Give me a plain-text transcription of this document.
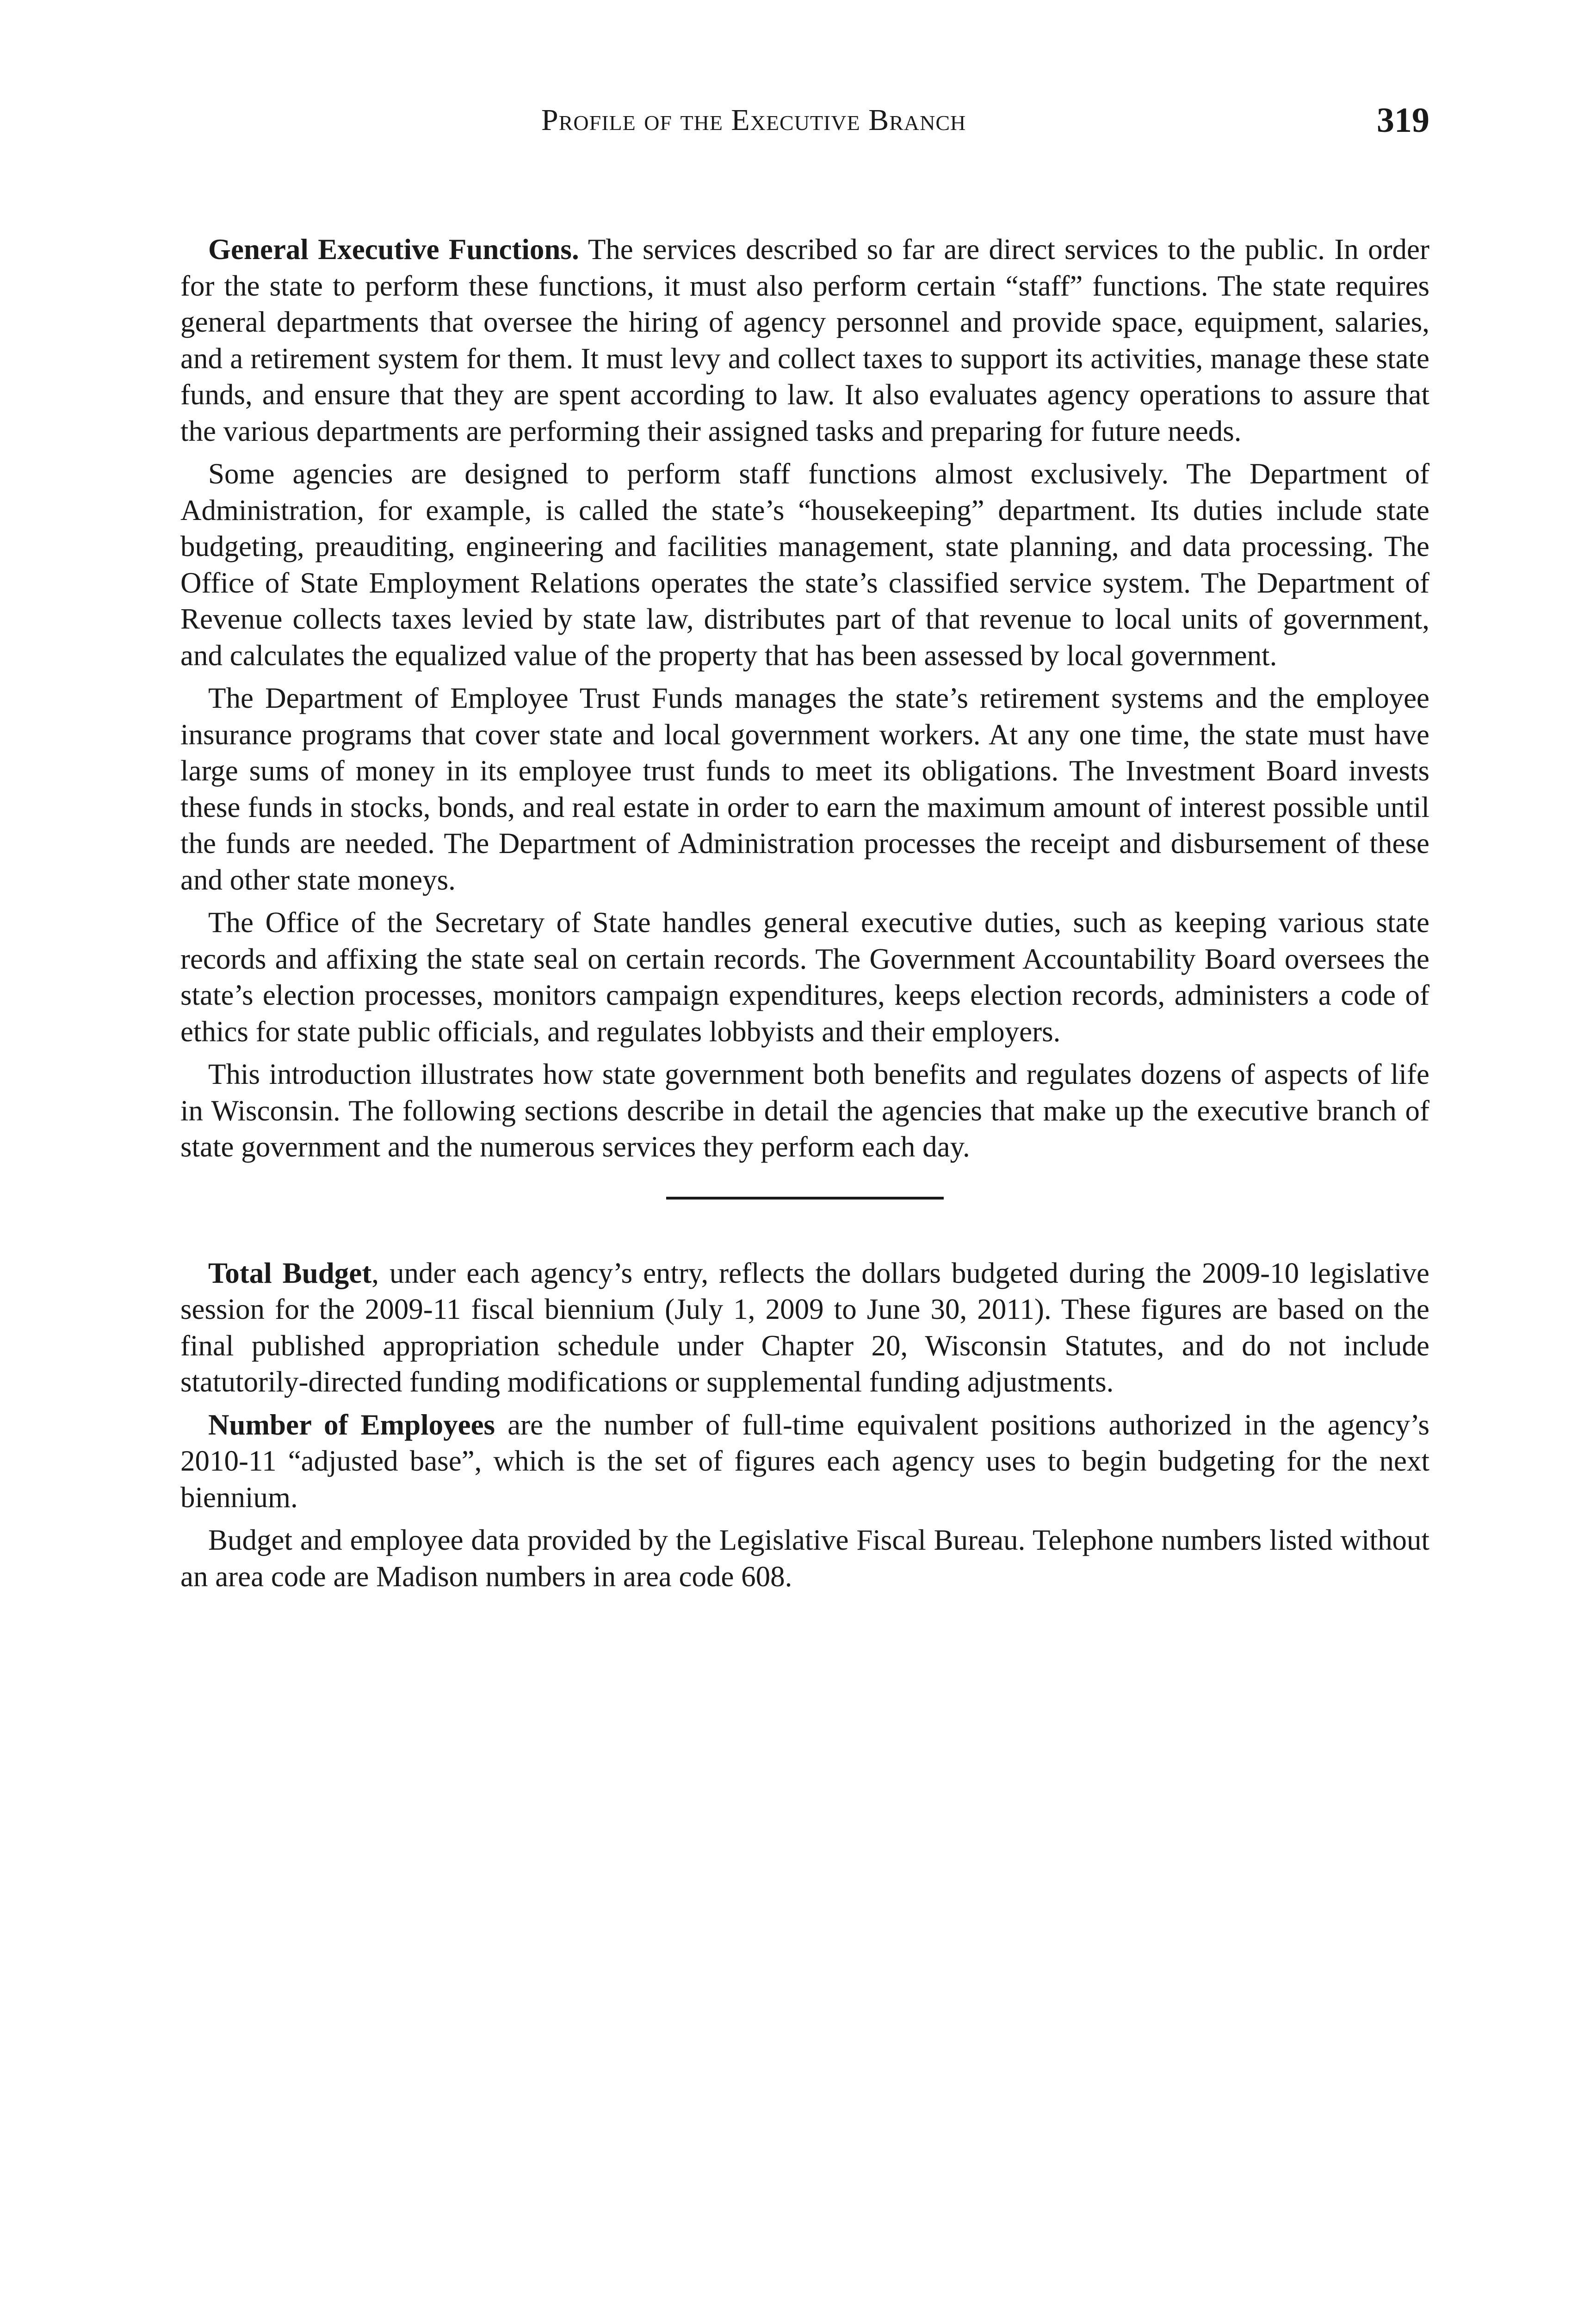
Profile of the Executive Branch	319

General Executive Functions. The services described so far are direct services to the public. In order for the state to perform these functions, it must also perform certain “staff” functions. The state requires general departments that oversee the hiring of agency personnel and provide space, equipment, salaries, and a retirement system for them. It must levy and collect taxes to support its activities, manage these state funds, and ensure that they are spent according to law. It also evaluates agency operations to assure that the various departments are performing their assigned tasks and preparing for future needs.

Some agencies are designed to perform staff functions almost exclusively. The Department of Administration, for example, is called the state’s “housekeeping” department. Its duties include state budgeting, preauditing, engineering and facilities management, state planning, and data processing. The Office of State Employment Relations operates the state’s classified service system. The Department of Revenue collects taxes levied by state law, distributes part of that revenue to local units of government, and calculates the equalized value of the property that has been assessed by local government.

The Department of Employee Trust Funds manages the state’s retirement systems and the employee insurance programs that cover state and local government workers. At any one time, the state must have large sums of money in its employee trust funds to meet its obligations. The Investment Board invests these funds in stocks, bonds, and real estate in order to earn the maximum amount of interest possible until the funds are needed. The Department of Administration processes the receipt and disbursement of these and other state moneys.

The Office of the Secretary of State handles general executive duties, such as keeping various state records and affixing the state seal on certain records. The Government Accountability Board oversees the state’s election processes, monitors campaign expenditures, keeps election records, administers a code of ethics for state public officials, and regulates lobbyists and their employers.

This introduction illustrates how state government both benefits and regulates dozens of aspects of life in Wisconsin. The following sections describe in detail the agencies that make up the executive branch of state government and the numerous services they perform each day.

Total Budget, under each agency’s entry, reflects the dollars budgeted during the 2009-10 legislative session for the 2009-11 fiscal biennium (July 1, 2009 to June 30, 2011). These figures are based on the final published appropriation schedule under Chapter 20, Wisconsin Statutes, and do not include statutorily-directed funding modifications or supplemental funding adjustments.

Number of Employees are the number of full-time equivalent positions authorized in the agency’s 2010-11 “adjusted base”, which is the set of figures each agency uses to begin budgeting for the next biennium.

Budget and employee data provided by the Legislative Fiscal Bureau. Telephone numbers listed without an area code are Madison numbers in area code 608.
